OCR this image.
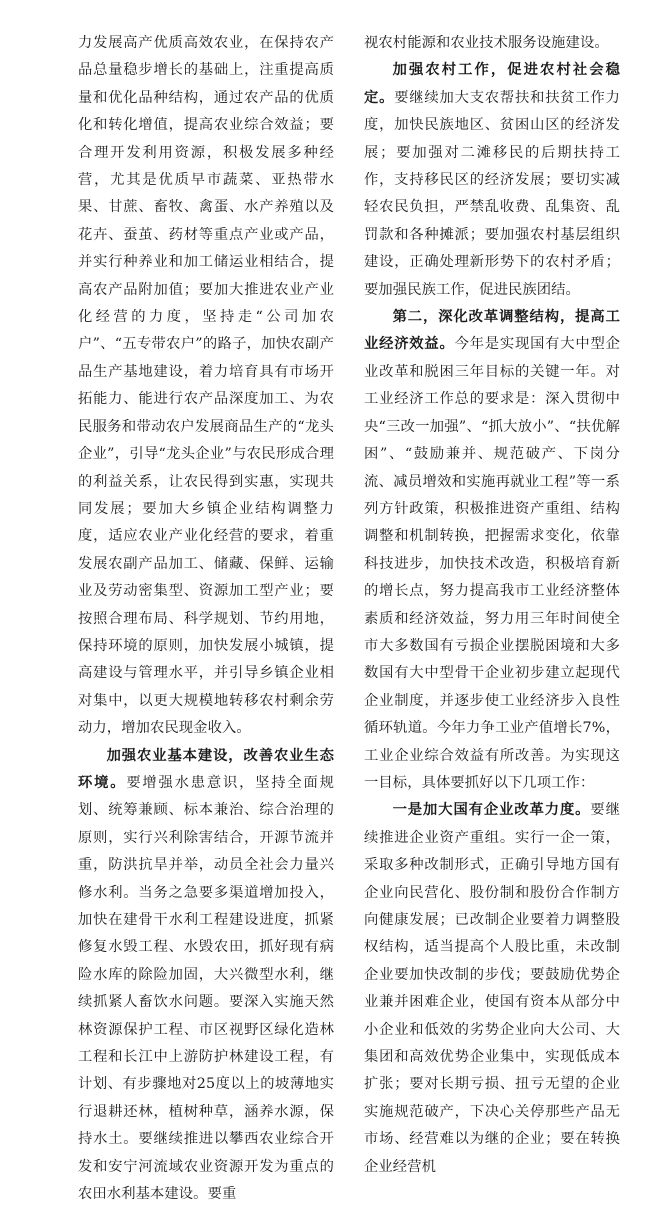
力发展高产优质高效农业，在保持农产品总量稳步增长的基础上，注重提高质量和优化品种结构，通过农产品的优质化和转化增值，提高农业综合效益；要合理开发利用资源，积极发展多种经营，尤其是优质早市蔬菜、亚热带水果、甘蔗、畜牧、禽蛋、水产养殖以及花卉、蚕茧、药材等重点产业或产品，并实行种养业和加工储运业相结合，提高农产品附加值；要加大推进农业产业化经营的力度，坚持走“公司加农户”、“五专带农户”的路子，加快农副产品生产基地建设，着力培育具有市场开拓能力、能进行农产品深度加工、为农民服务和带动农户发展商品生产的“龙头企业”，引导“龙头企业”与农民形成合理的利益关系，让农民得到实惠，实现共同发展；要加大乡镇企业结构调整力度，适应农业产业化经营的要求，着重发展农副产品加工、储藏、保鲜、运输业及劳动密集型、资源加工型产业；要按照合理布局、科学规划、节约用地，保持环境的原则，加快发展小城镇，提高建设与管理水平，并引导乡镇企业相对集中，以更大规模地转移农村剩余劳动力，增加农民现金收入。

加强农业基本建设，改善农业生态环境。要增强水患意识，坚持全面规划、统筹兼顾、标本兼治、综合治理的原则，实行兴利除害结合，开源节流并重，防洪抗旱并举，动员全社会力量兴修水利。当务之急要多渠道增加投入，加快在建骨干水利工程建设进度，抓紧修复水毁工程、水毁农田，抓好现有病险水库的除险加固，大兴微型水利，继续抓紧人畜饮水问题。要深入实施天然林资源保护工程、市区视野区绿化造林工程和长江中上游防护林建设工程，有计划、有步骤地对25度以上的坡薄地实行退耕还林，植树种草，涵养水源，保持水土。要继续推进以攀西农业综合开发和安宁河流域农业资源开发为重点的农田水利基本建设。要重

视农村能源和农业技术服务设施建设。

加强农村工作，促进农村社会稳定。要继续加大支农帮扶和扶贫工作力度，加快民族地区、贫困山区的经济发展；要加强对二滩移民的后期扶持工作，支持移民区的经济发展；要切实减轻农民负担，严禁乱收费、乱集资、乱罚款和各种摊派；要加强农村基层组织建设，正确处理新形势下的农村矛盾；要加强民族工作，促进民族团结。

第二，深化改革调整结构，提高工业经济效益。今年是实现国有大中型企业改革和脱困三年目标的关键一年。对工业经济工作总的要求是：深入贯彻中央“三改一加强”、“抓大放小”、“扶优解困”、“鼓励兼并、规范破产、下岗分流、减员增效和实施再就业工程”等一系列方针政策，积极推进资产重组、结构调整和机制转换，把握需求变化，依靠科技进步，加快技术改造，积极培育新的增长点，努力提高我市工业经济整体素质和经济效益，努力用三年时间使全市大多数国有亏损企业摆脱困境和大多数国有大中型骨干企业初步建立起现代企业制度，并逐步使工业经济步入良性循环轨道。今年力争工业产值增长7%，工业企业综合效益有所改善。为实现这一目标，具体要抓好以下几项工作：

一是加大国有企业改革力度。要继续推进企业资产重组。实行一企一策，采取多种改制形式，正确引导地方国有企业向民营化、股份制和股份合作制方向健康发展；已改制企业要着力调整股权结构，适当提高个人股比重，未改制企业要加快改制的步伐；要鼓励优势企业兼并困难企业，使国有资本从部分中小企业和低效的劣势企业向大公司、大集团和高效优势企业集中，实现低成本扩张；要对长期亏损、扭亏无望的企业实施规范破产，下决心关停那些产品无市场、经营难以为继的企业；要在转换企业经营机
